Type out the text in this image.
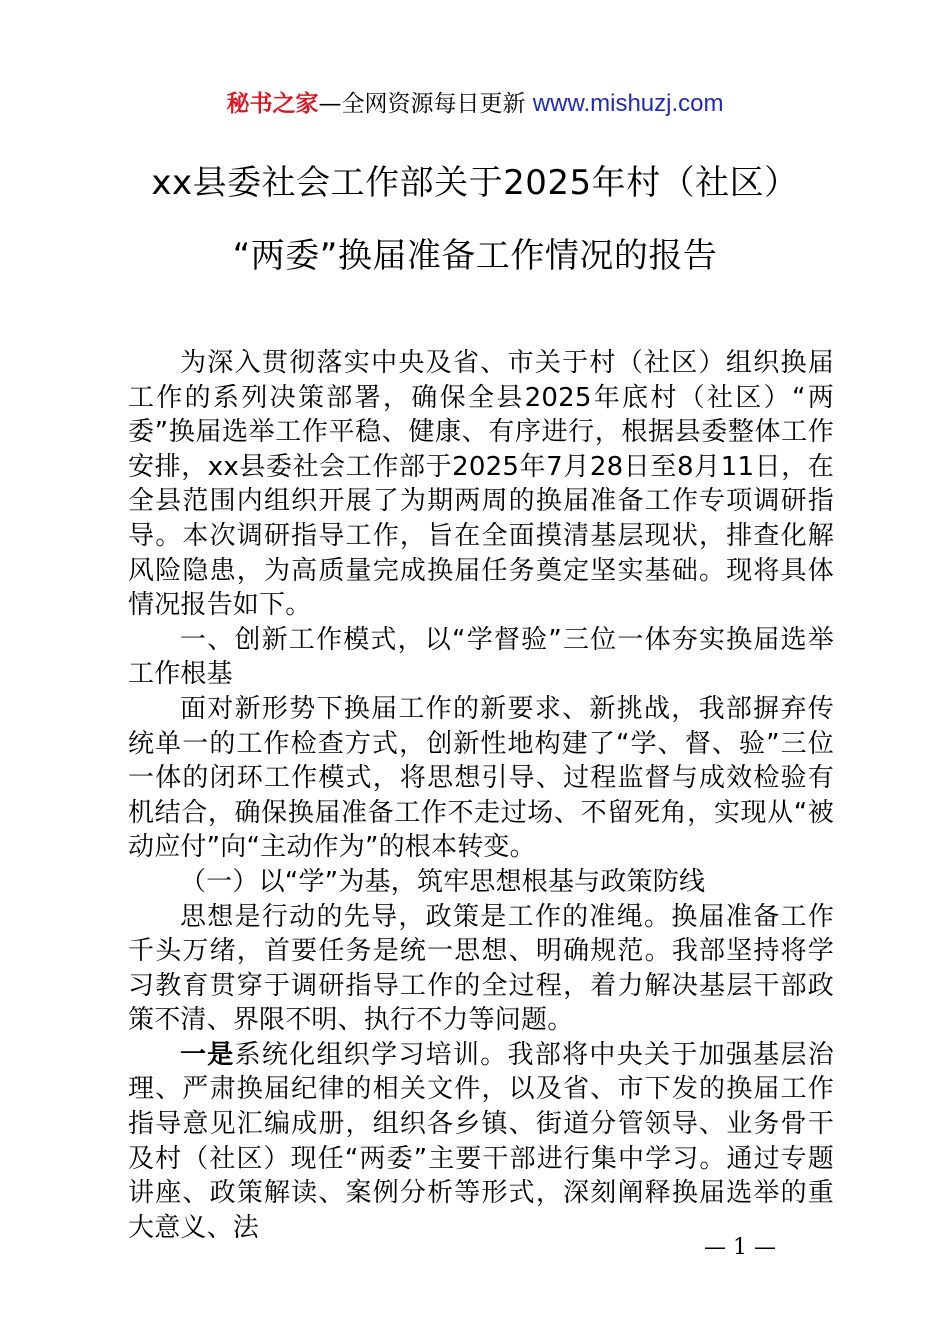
秘书之家—全网资源每日更新 www.mishuzj.com
xx县委社会工作部关于2025年村（社区）
“两委”换届准备工作情况的报告

为深入贯彻落实中央及省、市关于村（社区）组织换届工作的系列决策部署，确保全县2025年底村（社区）“两委”换届选举工作平稳、健康、有序进行，根据县委整体工作安排，xx县委社会工作部于2025年7月28日至8月11日，在全县范围内组织开展了为期两周的换届准备工作专项调研指导。本次调研指导工作，旨在全面摸清基层现状，排查化解风险隐患，为高质量完成换届任务奠定坚实基础。现将具体情况报告如下。

一、创新工作模式，以“学督验”三位一体夯实换届选举工作根基

面对新形势下换届工作的新要求、新挑战，我部摒弃传统单一的工作检查方式，创新性地构建了“学、督、验”三位一体的闭环工作模式，将思想引导、过程监督与成效检验有机结合，确保换届准备工作不走过场、不留死角，实现从“被动应付”向“主动作为”的根本转变。

（一）以“学”为基，筑牢思想根基与政策防线

思想是行动的先导，政策是工作的准绳。换届准备工作千头万绪，首要任务是统一思想、明确规范。我部坚持将学习教育贯穿于调研指导工作的全过程，着力解决基层干部政策不清、界限不明、执行不力等问题。

一是系统化组织学习培训。我部将中央关于加强基层治理、严肃换届纪律的相关文件，以及省、市下发的换届工作指导意见汇编成册，组织各乡镇、街道分管领导、业务骨干及村（社区）现任“两委”主要干部进行集中学习。通过专题讲座、政策解读、案例分析等形式，深刻阐释换届选举的重大意义、法

— 1 —
